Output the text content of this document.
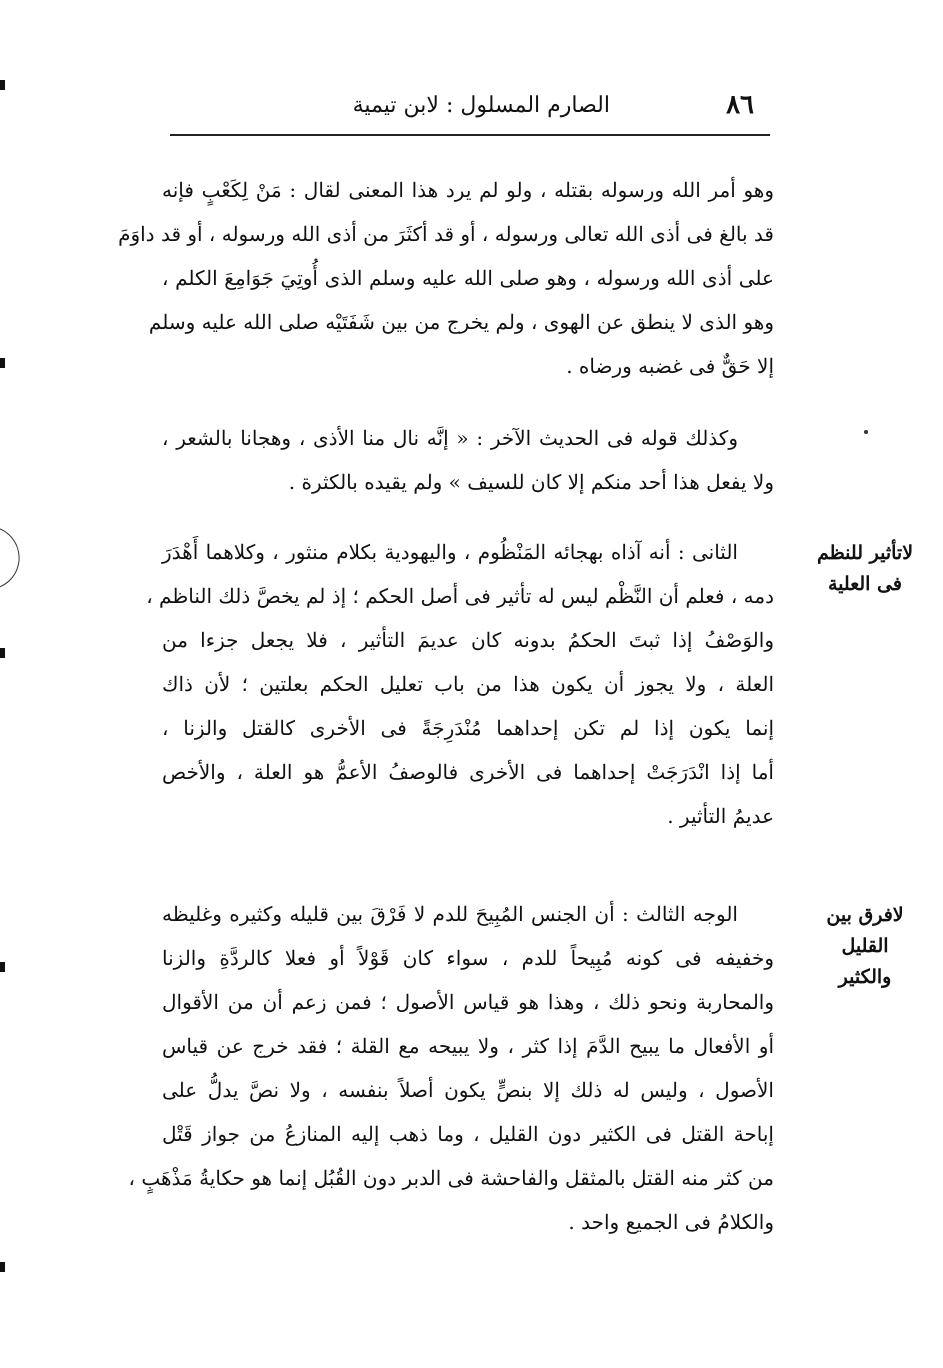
٨٦
الصارم المسلول : لابن تيمية
وهو أمر الله ورسوله بقتله ، ولو لم يرد هذا المعنى لقال : مَنْ لِكَعْبٍ فإنه
قد بالغ فى أذى الله تعالى ورسوله ، أو قد أكثَرَ من أذى الله ورسوله ، أو قد داوَمَ
على أذى الله ورسوله ، وهو صلى الله عليه وسلم الذى أُوتِيَ جَوَامِعَ الكلم ،
وهو الذى لا ينطق عن الهوى ، ولم يخرج من بين شَفَتَيْه صلى الله عليه وسلم
إلا حَقٌّ فى غضبه ورضاه .
وكذلك قوله فى الحديث الآخر : « إنَّه نال منا الأذى ، وهجانا بالشعر ،
ولا يفعل هذا أحد منكم إلا كان للسيف » ولم يقيده بالكثرة .
الثانى : أنه آذاه بهجائه المَنْظُوم ، واليهودية بكلام منثور ، وكلاهما أَهْدَرَ
دمه ، فعلم أن النَّظْم ليس له تأثير فى أصل الحكم ؛ إذ لم يخصَّ ذلك الناظم ،
والوَصْفُ إذا ثبتَ الحكمُ بدونه كان عديمَ التأثير ، فلا يجعل جزءا من
العلة ، ولا يجوز أن يكون هذا من باب تعليل الحكم بعلتين ؛ لأن ذاك
إنما يكون إذا لم تكن إحداهما مُنْدَرِجَةً فى الأخرى كالقتل والزنا ،
أما إذا انْدَرَجَتْ إحداهما فى الأخرى فالوصفُ الأعمُّ هو العلة ، والأخص
عديمُ التأثير .
الوجه الثالث : أن الجنس المُبِيحَ للدم لا فَرْقَ بين قليله وكثيره وغليظه
وخفيفه فى كونه مُبِيحاً للدم ، سواء كان قَوْلاً أو فعلا كالردَّةِ والزنا
والمحاربة ونحو ذلك ، وهذا هو قياس الأصول ؛ فمن زعم أن من الأقوال
أو الأفعال ما يبيح الدَّمَ إذا كثر ، ولا يبيحه مع القلة ؛ فقد خرج عن قياس
الأصول ، وليس له ذلك إلا بنصٍّ يكون أصلاً بنفسه ، ولا نصَّ يدلُّ على
إباحة القتل فى الكثير دون القليل ، وما ذهب إليه المنازعُ من جواز قَتْل
من كثر منه القتل بالمثقل والفاحشة فى الدبر دون القُبُل إنما هو حكايةُ مَذْهَبٍ ،
والكلامُ فى الجميع واحد .
لاتأثير للنظم
فى العلية
لافرق بين
القليل
والكثير
